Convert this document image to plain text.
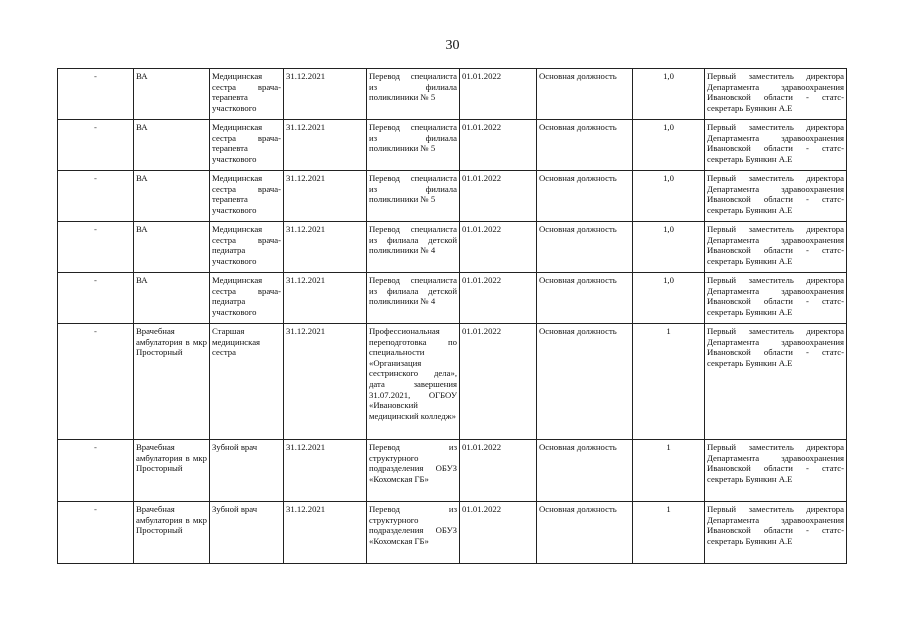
30
-	ВА	Медицинская сестра врача-терапевта участкового	31.12.2021	Перевод специалиста из филиала поликлиники № 5	01.01.2022	Основная должность	1,0	Первый заместитель директора Департамента здравоохранения Ивановской области - статс-секретарь Буянкин А.Е
-	ВА	Медицинская сестра врача-терапевта участкового	31.12.2021	Перевод специалиста из филиала поликлиники № 5	01.01.2022	Основная должность	1,0	Первый заместитель директора Департамента здравоохранения Ивановской области - статс-секретарь Буянкин А.Е
-	ВА	Медицинская сестра врача-терапевта участкового	31.12.2021	Перевод специалиста из филиала поликлиники № 5	01.01.2022	Основная должность	1,0	Первый заместитель директора Департамента здравоохранения Ивановской области - статс-секретарь Буянкин А.Е
-	ВА	Медицинская сестра врача-педиатра участкового	31.12.2021	Перевод специалиста из филиала детской поликлиники № 4	01.01.2022	Основная должность	1,0	Первый заместитель директора Департамента здравоохранения Ивановской области - статс-секретарь Буянкин А.Е
-	ВА	Медицинская сестра врача-педиатра участкового	31.12.2021	Перевод специалиста из филиала детской поликлиники № 4	01.01.2022	Основная должность	1,0	Первый заместитель директора Департамента здравоохранения Ивановской области - статс-секретарь Буянкин А.Е
-	Врачебная амбулатория в мкр Просторный	Старшая медицинская сестра	31.12.2021	Профессиональная переподготовка по специальности «Организация сестринского дела», дата завершения 31.07.2021, ОГБОУ «Ивановский медицинский колледж»	01.01.2022	Основная должность	1	Первый заместитель директора Департамента здравоохранения Ивановской области - статс-секретарь Буянкин А.Е
-	Врачебная амбулатория в мкр Просторный	Зубной врач	31.12.2021	Перевод из структурного подразделения ОБУЗ «Кохомская ГБ»	01.01.2022	Основная должность	1	Первый заместитель директора Департамента здравоохранения Ивановской области - статс-секретарь Буянкин А.Е
-	Врачебная амбулатория в мкр Просторный	Зубной врач	31.12.2021	Перевод из структурного подразделения ОБУЗ «Кохомская ГБ»	01.01.2022	Основная должность	1	Первый заместитель директора Департамента здравоохранения Ивановской области - статс-секретарь Буянкин А.Е
